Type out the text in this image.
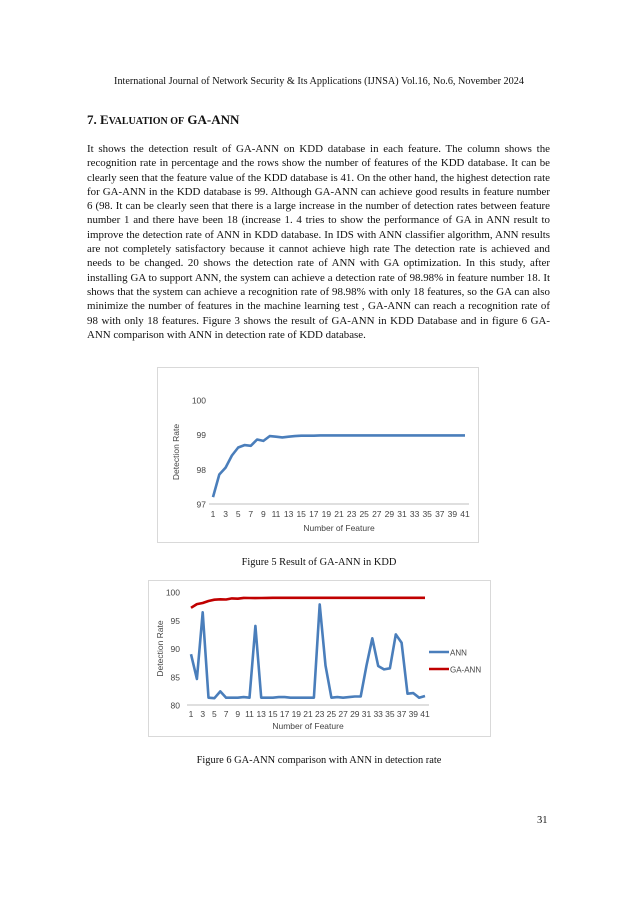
International Journal of Network Security & Its Applications (IJNSA) Vol.16, No.6, November 2024
7. EVALUATION OF GA-ANN
It shows the detection result of GA-ANN on KDD database in each feature. The column shows the recognition rate in percentage and the rows show the number of features of the KDD database. It can be clearly seen that the feature value of the KDD database is 41. On the other hand, the highest detection rate for GA-ANN in the KDD database is 99. Although GA-ANN can achieve good results in feature number 6 (98. It can be clearly seen that there is a large increase in the number of detection rates between feature number 1 and there have been 18 (increase 1. 4 tries to show the performance of GA in ANN result to improve the detection rate of ANN in KDD database. In IDS with ANN classifier algorithm, ANN results are not completely satisfactory because it cannot achieve high rate The detection rate is achieved and needs to be changed. 20 shows the detection rate of ANN with GA optimization. In this study, after installing GA to support ANN, the system can achieve a detection rate of 98.98% in feature number 18. It shows that the system can achieve a recognition rate of 98.98% with only 18 features, so the GA can also minimize the number of features in the machine learning test , GA-ANN can reach a recognition rate of 98 with only 18 features. Figure 3 shows the result of GA-ANN in KDD Database and in figure 6 GA-ANN comparison with ANN in detection rate of KDD database.
97
98
99
100
1 3 5 7 9 11 13 15 17 19 21 23 25 27 29 31 33 35 37 39 41
Number of Feature
Detection Rate
Figure 5 Result of GA-ANN in KDD
80
85
90
95
100
1 3 5 7 9 11 13 15 17 19 21 23 25 27 29 31 33 35 37 39 41
Number of Feature
Detection Rate	ANN
GA-ANN
Figure 6 GA-ANN comparison with ANN in detection rate
31
